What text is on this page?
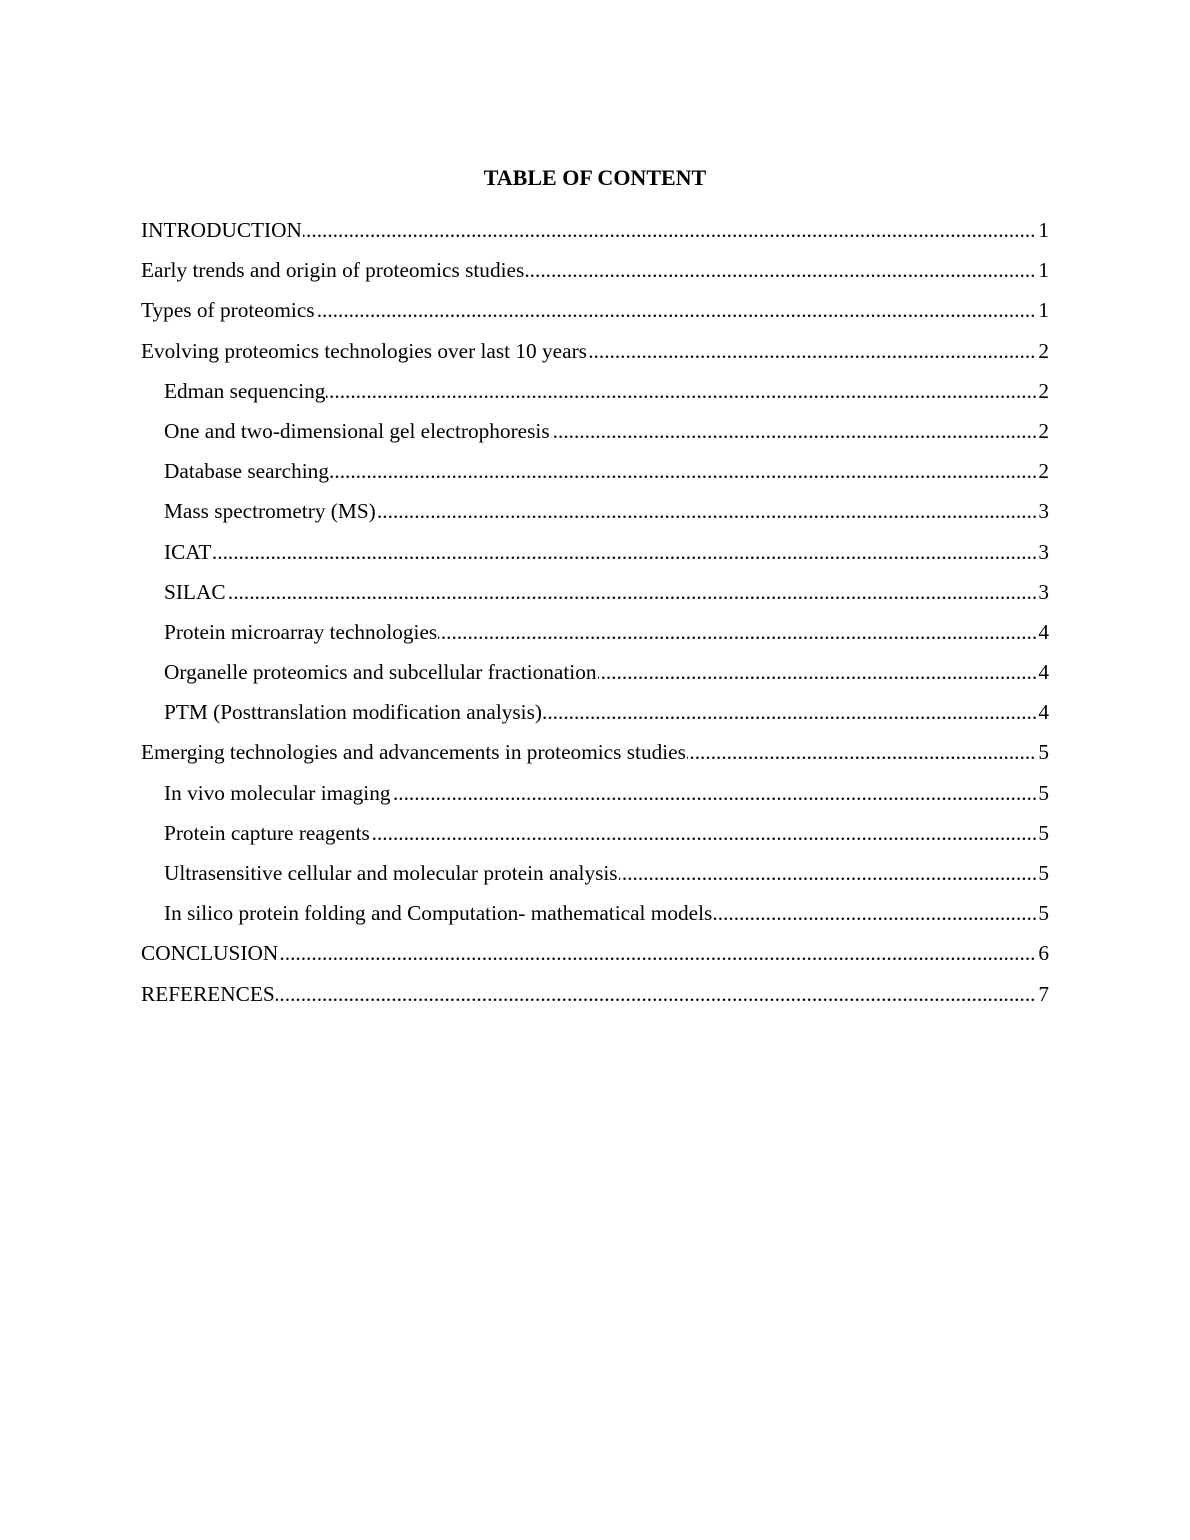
TABLE OF CONTENT
.....
INTRODUCTION	1
.....
Early trends and origin of proteomics studies	1
.....
Types of proteomics	1
.....
Evolving proteomics technologies over last 10 years	2
.....
Edman sequencing	2
.....
One and two-dimensional gel electrophoresis	2
.....
Database searching	2
.....
Mass spectrometry (MS)	3
.....
ICAT	3
.....
SILAC	3
.....
Protein microarray technologies	4
.....
Organelle proteomics and subcellular fractionation	4
.....
PTM (Posttranslation modification analysis)	4
.....
Emerging technologies and advancements in proteomics studies	5
.....
In vivo molecular imaging	5
.....
Protein capture reagents	5
.....
Ultrasensitive cellular and molecular protein analysis	5
.....
In silico protein folding and Computation- mathematical models	5
.....
CONCLUSION	6
.....
REFERENCES	7
